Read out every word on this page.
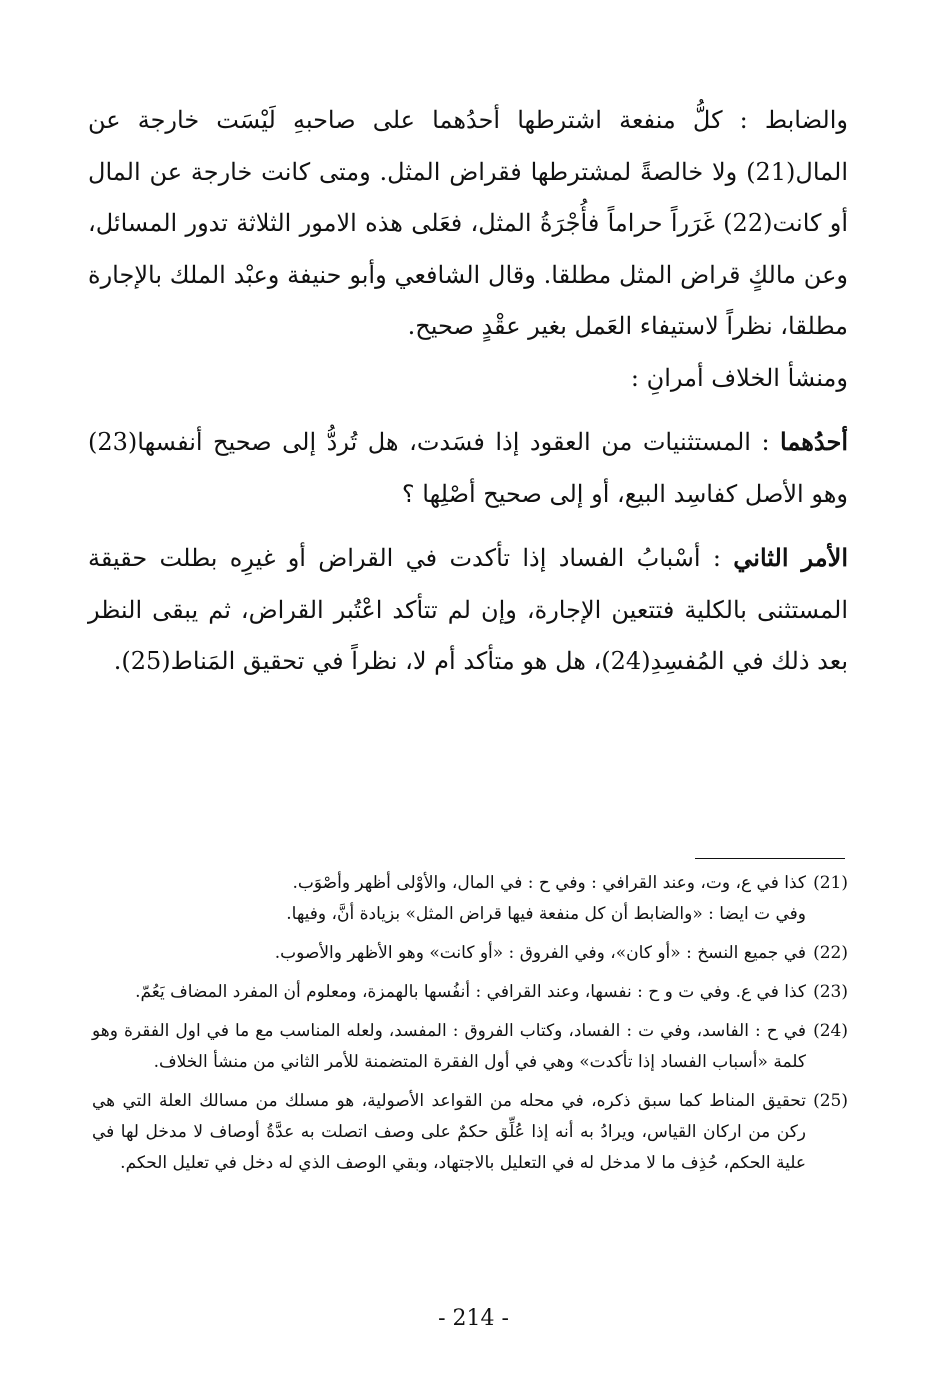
والضابط : كلُّ منفعة اشترطها أحدُهما على صاحبهِ لَيْسَت خارجة عن المال(21) ولا خالصةً لمشترطها فقراض المثل. ومتى كانت خارجة عن المال أو كانت(22) غَرَراً حراماً فأُجْرَةُ المثل، فعَلى هذه الامور الثلاثة تدور المسائل، وعن مالكٍ قراض المثل مطلقا. وقال الشافعي وأبو حنيفة وعبْد الملك بالإجارة مطلقا، نظراً لاستيفاء العَمل بغير عقْدٍ صحيح.

ومنشأ الخلاف أمرانِ :

أحدُهما : المستثنيات من العقود إذا فسَدت، هل تُردُّ إلى صحيح أنفسها(23) وهو الأصل كفاسِد البيع، أو إلى صحيح أصْلِها ؟

الأمر الثاني : أسْبابُ الفساد إذا تأكدت في القراض أو غيرِه بطلت حقيقة المستثنى بالكلية فتتعين الإجارة، وإن لم تتأكد اعْتُبر القراض، ثم يبقى النظر بعد ذلك في المُفسِدِ(24)، هل هو متأكد أم لا، نظراً في تحقيق المَناط(25).

(21)
كذا في ع، وت، وعند القرافي : وفي ح : في المال، والأوْلى أظهر وأصْوَب.
وفي ت ايضا : «والضابط أن كل منفعة فيها قراض المثل» بزيادة أنَّ، وفيها.
(22)
في جميع النسخ : «أو كان»، وفي الفروق : «أو كانت» وهو الأظهر والأصوب.
(23)
كذا في ع. وفي ت و ح : نفسها، وعند القرافي : أنفُسها بالهمزة، ومعلوم أن المفرد المضاف يَعُمّ.
(24)
في ح : الفاسد، وفي ت : الفساد، وكتاب الفروق : المفسد، ولعله المناسب مع ما في اول الفقرة وهو كلمة «أسباب الفساد إذا تأكدت» وهي في أول الفقرة المتضمنة للأمر الثاني من منشأ الخلاف.
(25)
تحقيق المناط كما سبق ذكره، في محله من القواعد الأصولية، هو مسلك من مسالك العلة التي هي ركن من اركان القياس، ويرادُ به أنه إذا عُلِّق حكمٌ على وصف اتصلت به عدَّةُ أوصاف لا مدخل لها في علية الحكم، حُذِف ما لا مدخل له في التعليل بالاجتهاد، وبقي الوصف الذي له دخل في تعليل الحكم.
- 214 -
